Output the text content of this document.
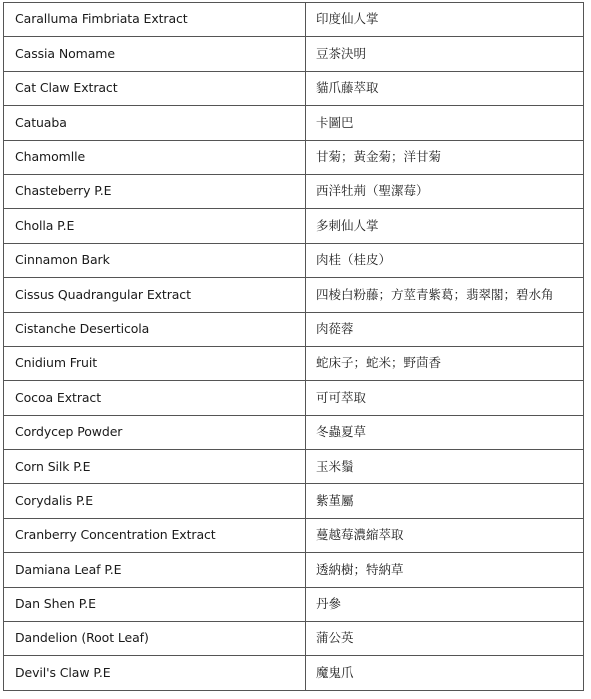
Caralluma Fimbriata Extract	印度仙人掌
Cassia Nomame	豆茶決明
Cat Claw Extract	貓爪藤萃取
Catuaba	卡圖巴
Chamomlle	甘菊；黃金菊；洋甘菊
Chasteberry P.E	西洋牡荊（聖潔莓）
Cholla P.E	多刺仙人掌
Cinnamon Bark	肉桂（桂皮）
Cissus Quadrangular Extract	四棱白粉藤；方莖青紫葛；翡翠閣；碧水角
Cistanche Deserticola	肉蓯蓉
Cnidium Fruit	蛇床子；蛇米；野茴香
Cocoa Extract	可可萃取
Cordycep Powder	冬蟲夏草
Corn Silk P.E	玉米鬚
Corydalis P.E	紫堇屬
Cranberry Concentration Extract	蔓越莓濃縮萃取
Damiana Leaf P.E	透納樹；特納草
Dan Shen P.E	丹參
Dandelion (Root Leaf)	蒲公英
Devil's Claw P.E	魔鬼爪
